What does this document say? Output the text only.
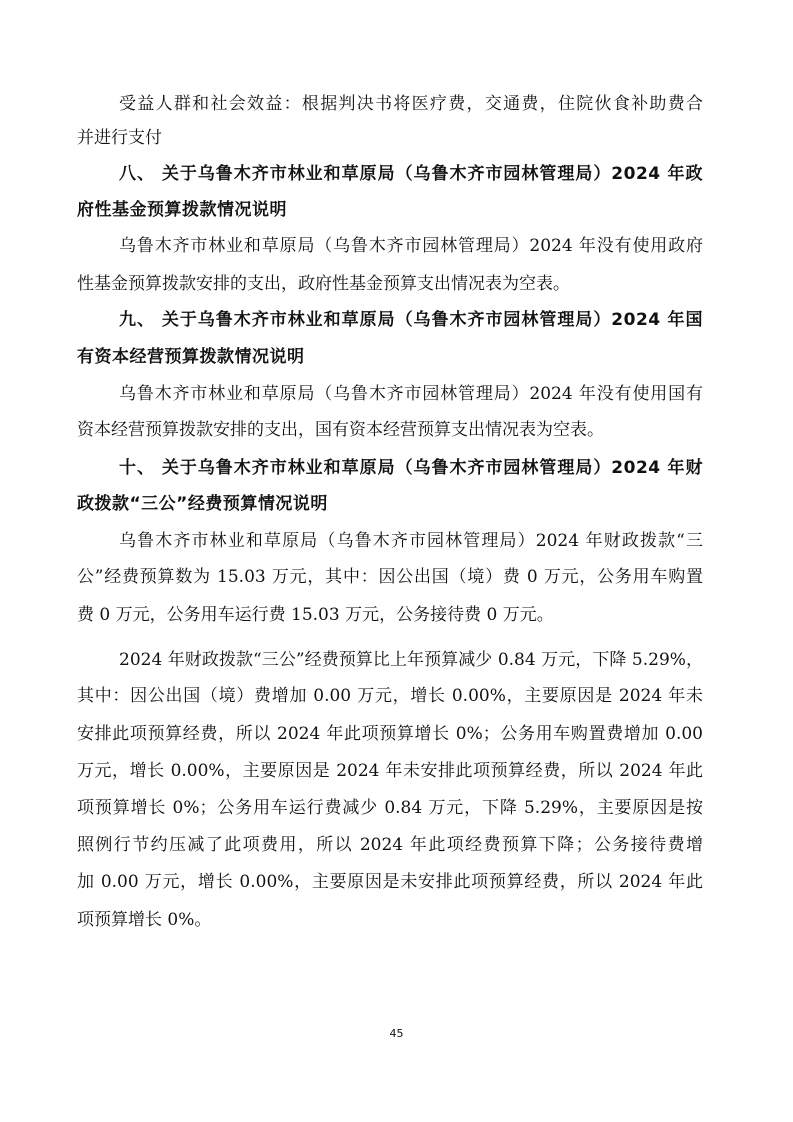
受益人群和社会效益：根据判决书将医疗费，交通费，住院伙食补助费合
并进行支付
八、 关于乌鲁木齐市林业和草原局（乌鲁木齐市园林管理局）2024 年政
府性基金预算拨款情况说明
乌鲁木齐市林业和草原局（乌鲁木齐市园林管理局）2024 年没有使用政府
性基金预算拨款安排的支出，政府性基金预算支出情况表为空表。
九、 关于乌鲁木齐市林业和草原局（乌鲁木齐市园林管理局）2024 年国
有资本经营预算拨款情况说明
乌鲁木齐市林业和草原局（乌鲁木齐市园林管理局）2024 年没有使用国有
资本经营预算拨款安排的支出，国有资本经营预算支出情况表为空表。
十、 关于乌鲁木齐市林业和草原局（乌鲁木齐市园林管理局）2024 年财
政拨款“三公”经费预算情况说明
乌鲁木齐市林业和草原局（乌鲁木齐市园林管理局）2024 年财政拨款“三
公”经费预算数为 15.03 万元，其中：因公出国（境）费 0 万元，公务用车购置
费 0 万元，公务用车运行费 15.03 万元，公务接待费 0 万元。
2024 年财政拨款“三公”经费预算比上年预算减少 0.84 万元，下降 5.29%，
其中：因公出国（境）费增加 0.00 万元，增长 0.00%，主要原因是 2024 年未
安排此项预算经费，所以 2024 年此项预算增长 0%；公务用车购置费增加 0.00
万元，增长 0.00%，主要原因是 2024 年未安排此项预算经费，所以 2024 年此
项预算增长 0%；公务用车运行费减少 0.84 万元，下降 5.29%，主要原因是按
照例行节约压减了此项费用，所以 2024 年此项经费预算下降；公务接待费增
加 0.00 万元，增长 0.00%，主要原因是未安排此项预算经费，所以 2024 年此
项预算增长 0%。
45
